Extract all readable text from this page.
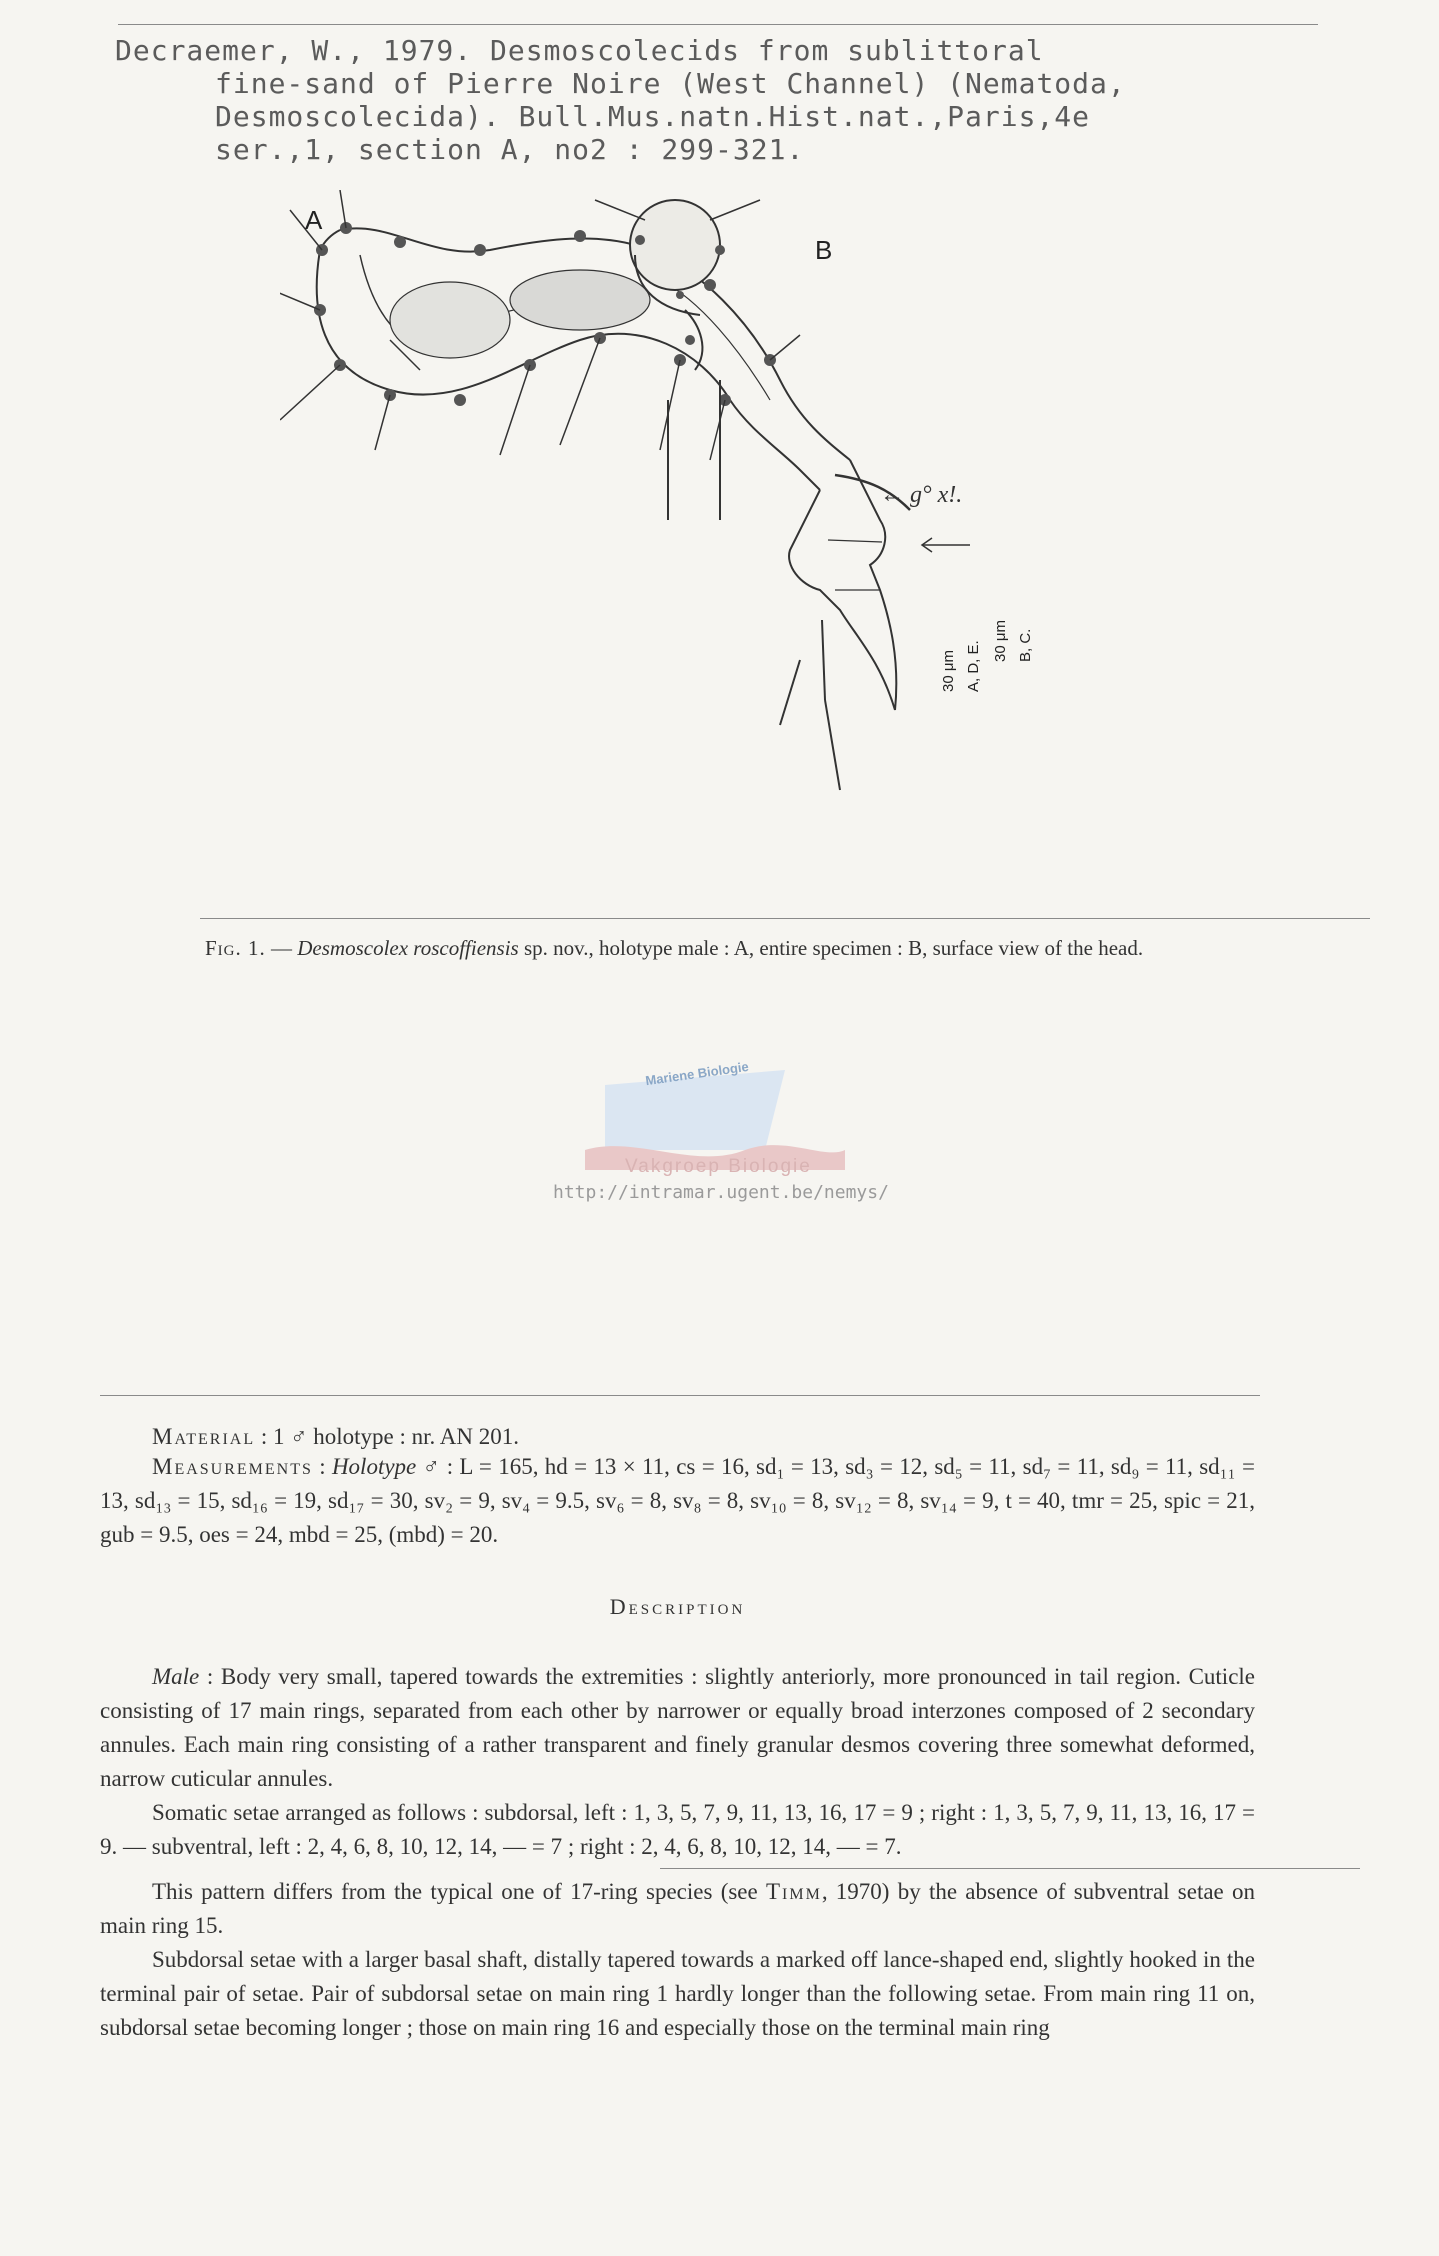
Decraemer, W., 1979. Desmoscolecids from sublittoral
fine-sand of Pierre Noire (West Channel) (Nematoda,
Desmoscolecida). Bull.Mus.natn.Hist.nat.,Paris,4e
ser.,1, section A, no2 : 299-321.
A
B
← g° x!.
30 μm A, D, E. 30 μm B, C.
Fig. 1. — Desmoscolex roscoffiensis sp. nov., holotype male : A, entire specimen : B, surface view of the head.
Mariene Biologie
Vakgroep Biologie
http://intramar.ugent.be/nemys/
Material : 1 ♂ holotype : nr. AN 201.
Measurements : Holotype ♂ : L = 165, hd = 13 × 11, cs = 16, sd₁ = 13, sd₃ = 12, sd₅ = 11, sd₇ = 11, sd₉ = 11, sd₁₁ = 13, sd₁₃ = 15, sd₁₆ = 19, sd₁₇ = 30, sv₂ = 9, sv₄ = 9.5, sv₆ = 8, sv₈ = 8, sv₁₀ = 8, sv₁₂ = 8, sv₁₄ = 9, t = 40, tmr = 25, spic = 21, gub = 9.5, oes = 24, mbd = 25, (mbd) = 20.
Description

Male : Body very small, tapered towards the extremities : slightly anteriorly, more pronounced in tail region. Cuticle consisting of 17 main rings, separated from each other by narrower or equally broad interzones composed of 2 secondary annules. Each main ring consisting of a rather transparent and finely granular desmos covering three somewhat deformed, narrow cuticular annules.

Somatic setae arranged as follows : subdorsal, left : 1, 3, 5, 7, 9, 11, 13, 16, 17 = 9 ; right : 1, 3, 5, 7, 9, 11, 13, 16, 17 = 9. — subventral, left : 2, 4, 6, 8, 10, 12, 14, — = 7 ; right : 2, 4, 6, 8, 10, 12, 14, — = 7.

This pattern differs from the typical one of 17-ring species (see Timm, 1970) by the absence of subventral setae on main ring 15.

Subdorsal setae with a larger basal shaft, distally tapered towards a marked off lance-shaped end, slightly hooked in the terminal pair of setae. Pair of subdorsal setae on main ring 1 hardly longer than the following setae. From main ring 11 on, subdorsal setae becoming longer ; those on main ring 16 and especially those on the terminal main ring
